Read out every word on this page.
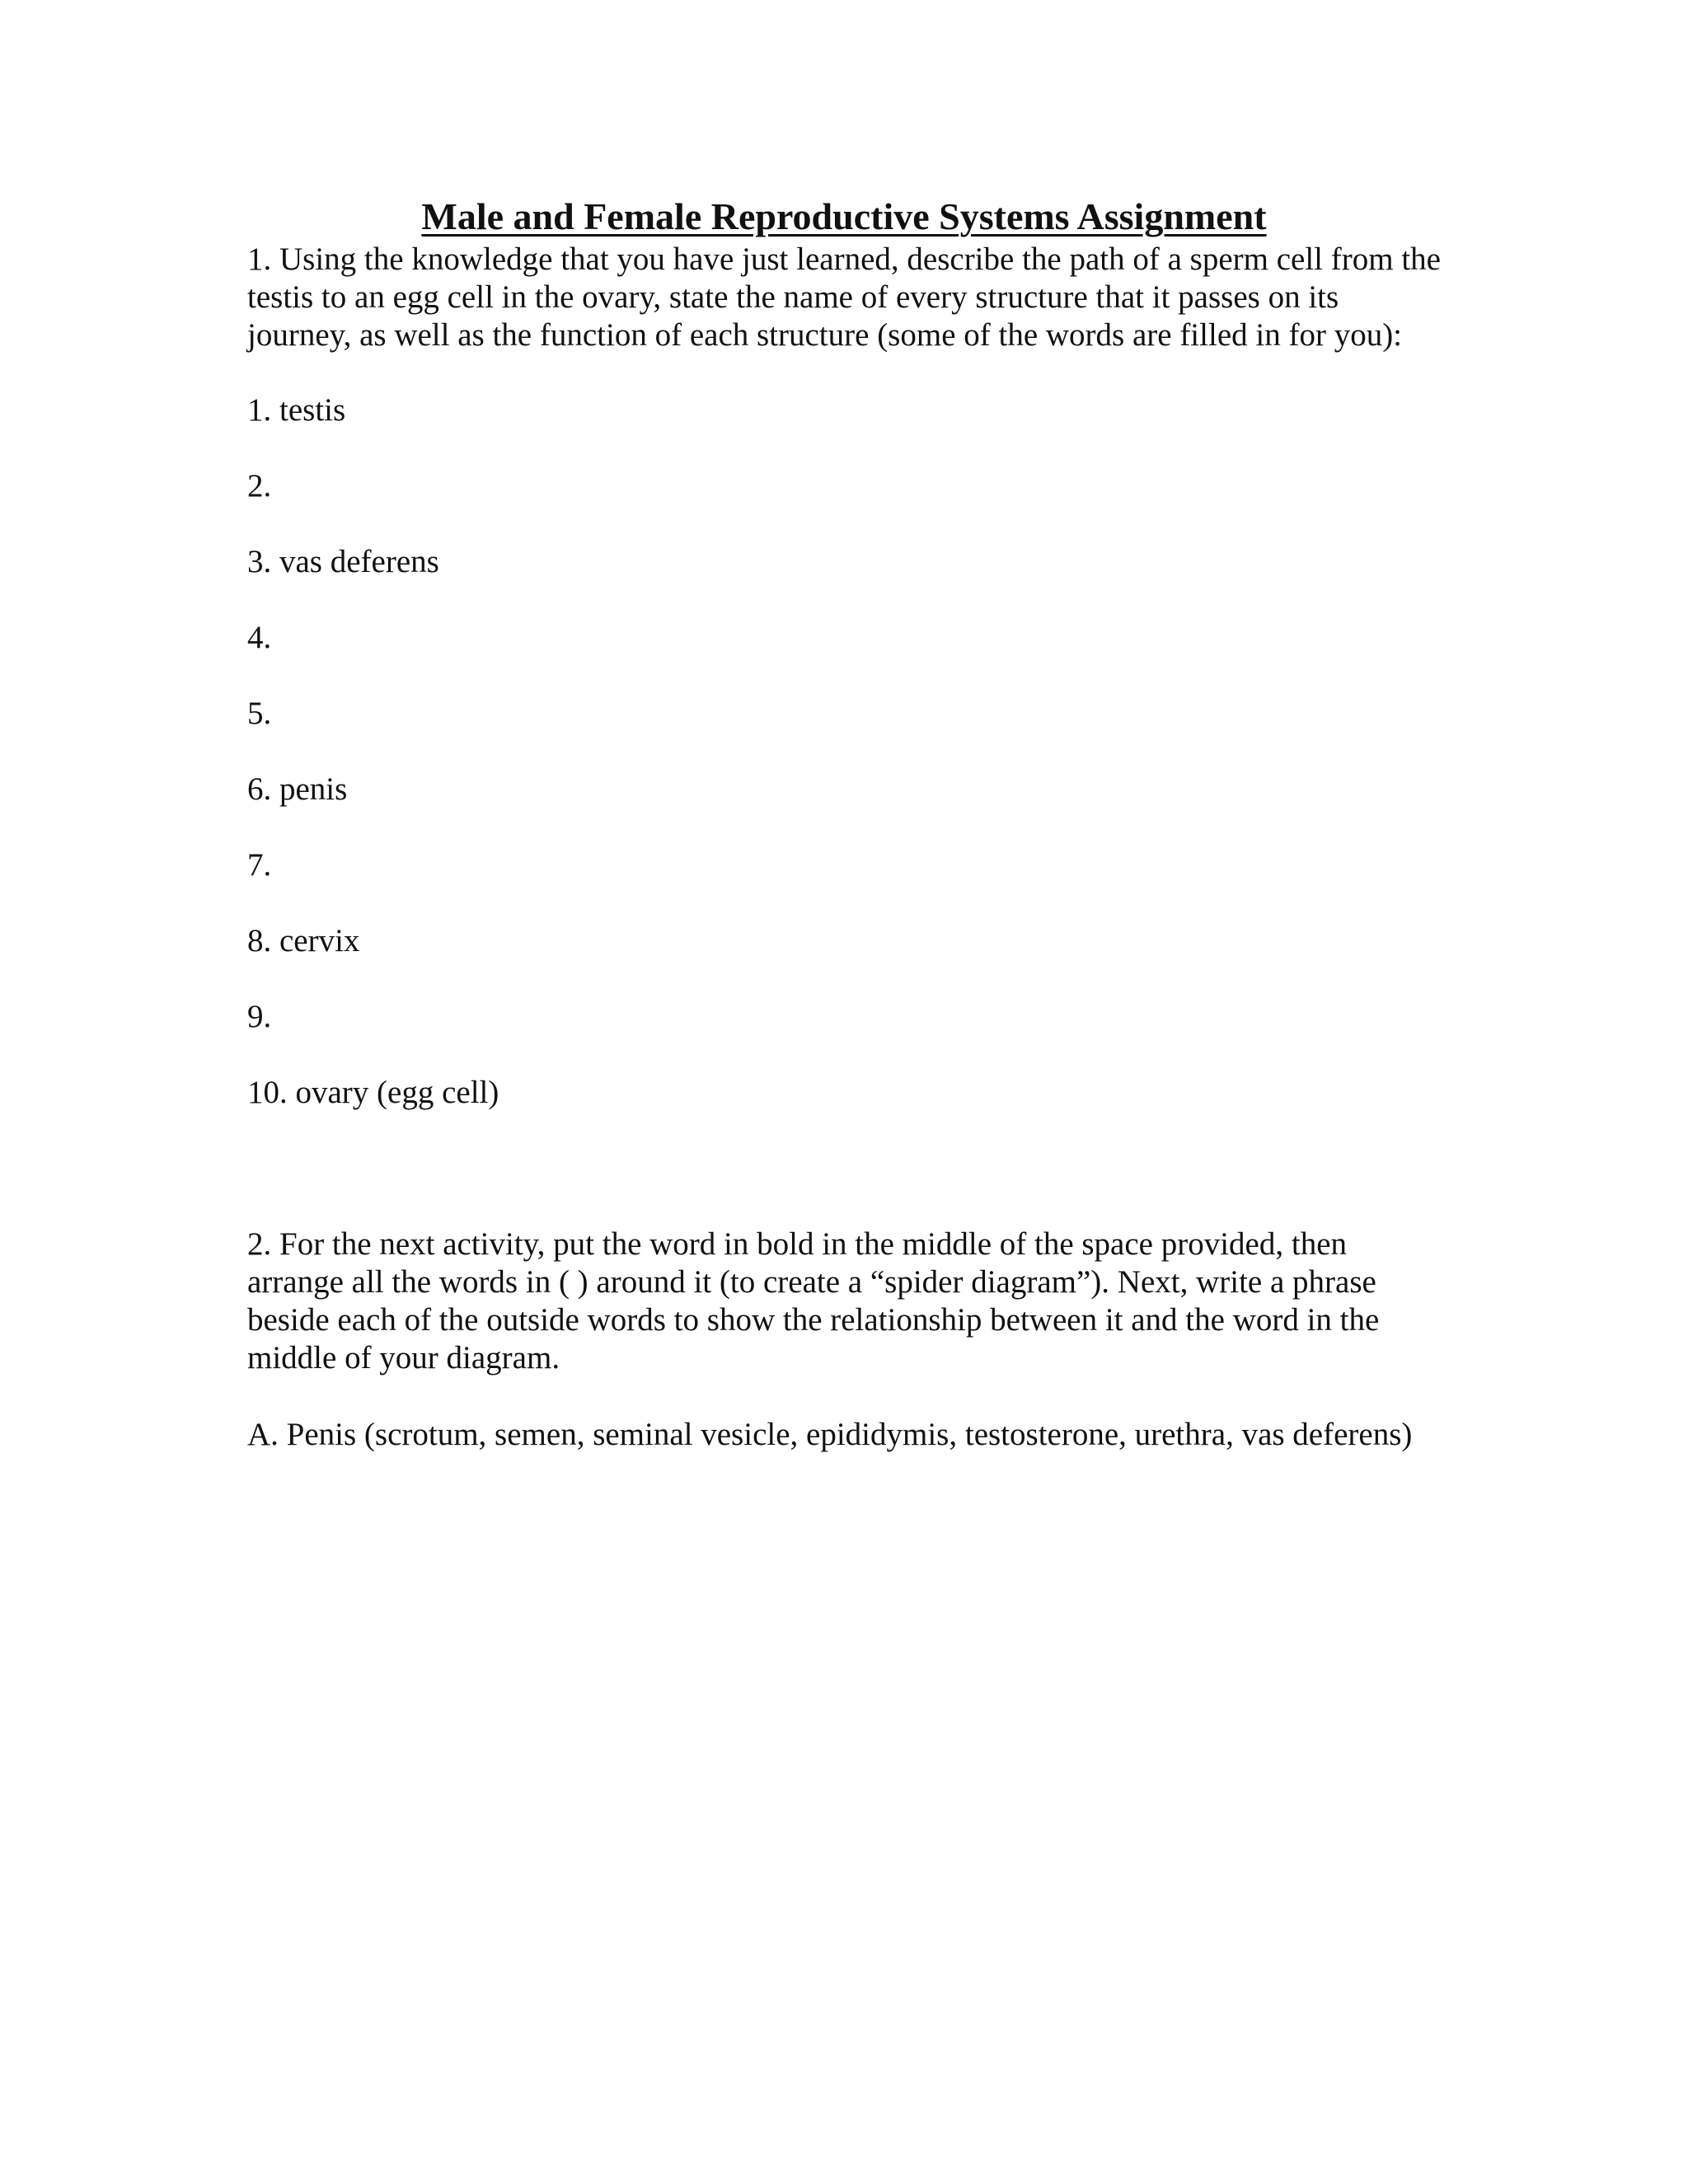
Male and Female Reproductive Systems Assignment

1. Using the knowledge that you have just learned, describe the path of a sperm cell from the testis to an egg cell in the ovary, state the name of every structure that it passes on its journey, as well as the function of each structure (some of the words are filled in for you):

1. testis

2.

3. vas deferens

4.

5.

6. penis

7.

8. cervix

9.

10. ovary (egg cell)

2. For the next activity, put the word in bold in the middle of the space provided, then arrange all the words in ( ) around it (to create a “spider diagram”). Next, write a phrase beside each of the outside words to show the relationship between it and the word in the middle of your diagram.

A. Penis (scrotum, semen, seminal vesicle, epididymis, testosterone, urethra, vas deferens)
